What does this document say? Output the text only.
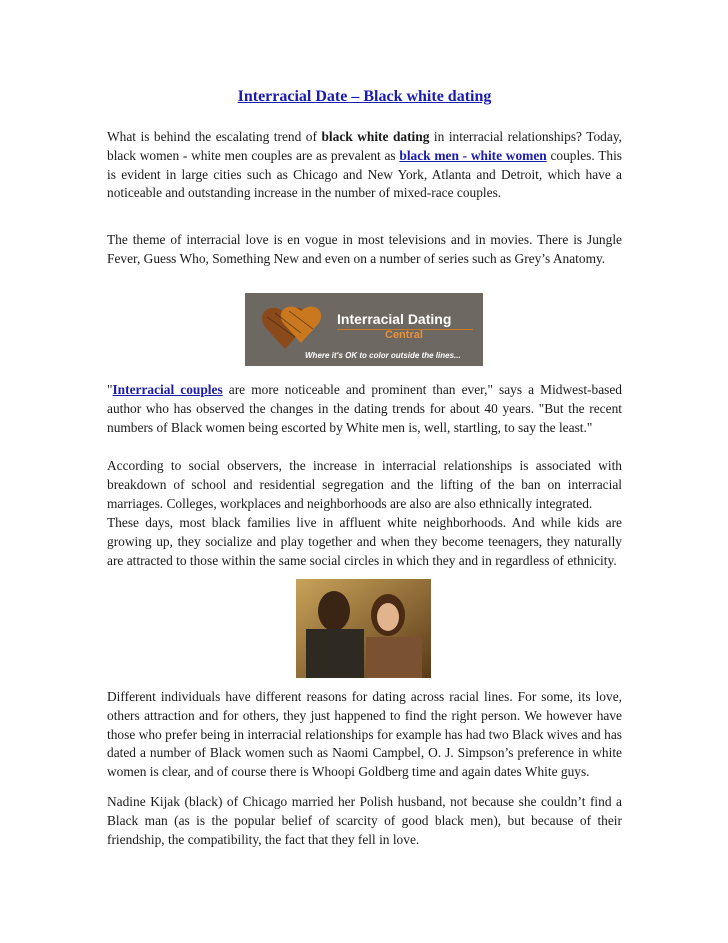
Interracial Date – Black white dating
What is behind the escalating trend of black white dating in interracial relationships? Today, black women - white men couples are as prevalent as black men - white women couples. This is evident in large cities such as Chicago and New York, Atlanta and Detroit, which have a noticeable and outstanding increase in the number of mixed-race couples.
The theme of interracial love is en vogue in most televisions and in movies. There is Jungle Fever, Guess Who, Something New and even on a number of series such as Grey’s Anatomy.
Interracial Dating
Central
Where it's OK to color outside the lines...
"Interracial couples are more noticeable and prominent than ever," says a Midwest-based author who has observed the changes in the dating trends for about 40 years. "But the recent numbers of Black women being escorted by White men is, well, startling, to say the least."
According to social observers, the increase in interracial relationships is associated with breakdown of school and residential segregation and the lifting of the ban on interracial marriages. Colleges, workplaces and neighborhoods are also are also ethnically integrated.
These days, most black families live in affluent white neighborhoods. And while kids are growing up, they socialize and play together and when they become teenagers, they naturally are attracted to those within the same social circles in which they and in regardless of ethnicity.
Different individuals have different reasons for dating across racial lines. For some, its love, others attraction and for others, they just happened to find the right person. We however have those who prefer being in interracial relationships for example has had two Black wives and has dated a number of Black women such as Naomi Campbel, O. J. Simpson’s preference in white women is clear, and of course there is Whoopi Goldberg time and again dates White guys.
Nadine Kijak (black) of Chicago married her Polish husband, not because she couldn’t find a Black man (as is the popular belief of scarcity of good black men), but because of their friendship, the compatibility, the fact that they fell in love.
